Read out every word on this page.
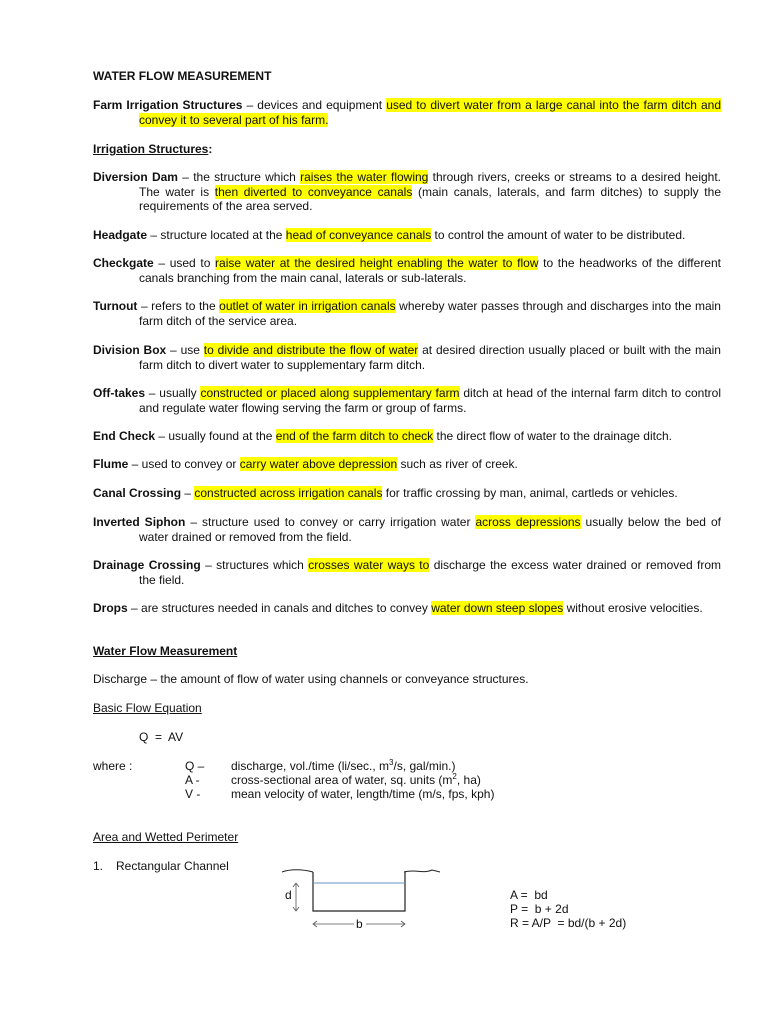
WATER FLOW MEASUREMENT
Farm Irrigation Structures – devices and equipment used to divert water from a large canal into the farm ditch and convey it to several part of his farm.
Irrigation Structures:
Diversion Dam – the structure which raises the water flowing through rivers, creeks or streams to a desired height. The water is then diverted to conveyance canals (main canals, laterals, and farm ditches) to supply the requirements of the area served.
Headgate – structure located at the head of conveyance canals to control the amount of water to be distributed.
Checkgate – used to raise water at the desired height enabling the water to flow to the headworks of the different canals branching from the main canal, laterals or sub-laterals.
Turnout – refers to the outlet of water in irrigation canals whereby water passes through and discharges into the main farm ditch of the service area.
Division Box – use to divide and distribute the flow of water at desired direction usually placed or built with the main farm ditch to divert water to supplementary farm ditch.
Off-takes – usually constructed or placed along supplementary farm ditch at head of the internal farm ditch to control and regulate water flowing serving the farm or group of farms.
End Check – usually found at the end of the farm ditch to check the direct flow of water to the drainage ditch.
Flume – used to convey or carry water above depression such as river of creek.
Canal Crossing – constructed across irrigation canals for traffic crossing by man, animal, cartleds or vehicles.
Inverted Siphon – structure used to convey or carry irrigation water across depressions usually below the bed of water drained or removed from the field.
Drainage Crossing – structures which crosses water ways to discharge the excess water drained or removed from the field.
Drops – are structures needed in canals and ditches to convey water down steep slopes without erosive velocities.
Water Flow Measurement
Discharge – the amount of flow of water using channels or conveyance structures.
Basic Flow Equation
Q  =  AV
where :	Q – discharge, vol./time (li/sec., $m^3/s$, gal/min.)
A -	cross-sectional area of water, sq. units ($m^2$, ha)
V -	mean velocity of water, length/time (m/s, fps, kph)
Area and Wetted Perimeter
1. Rectangular Channel
d
b
A =  bd
P =  b + 2d
R = A/P  = bd/(b + 2d)
